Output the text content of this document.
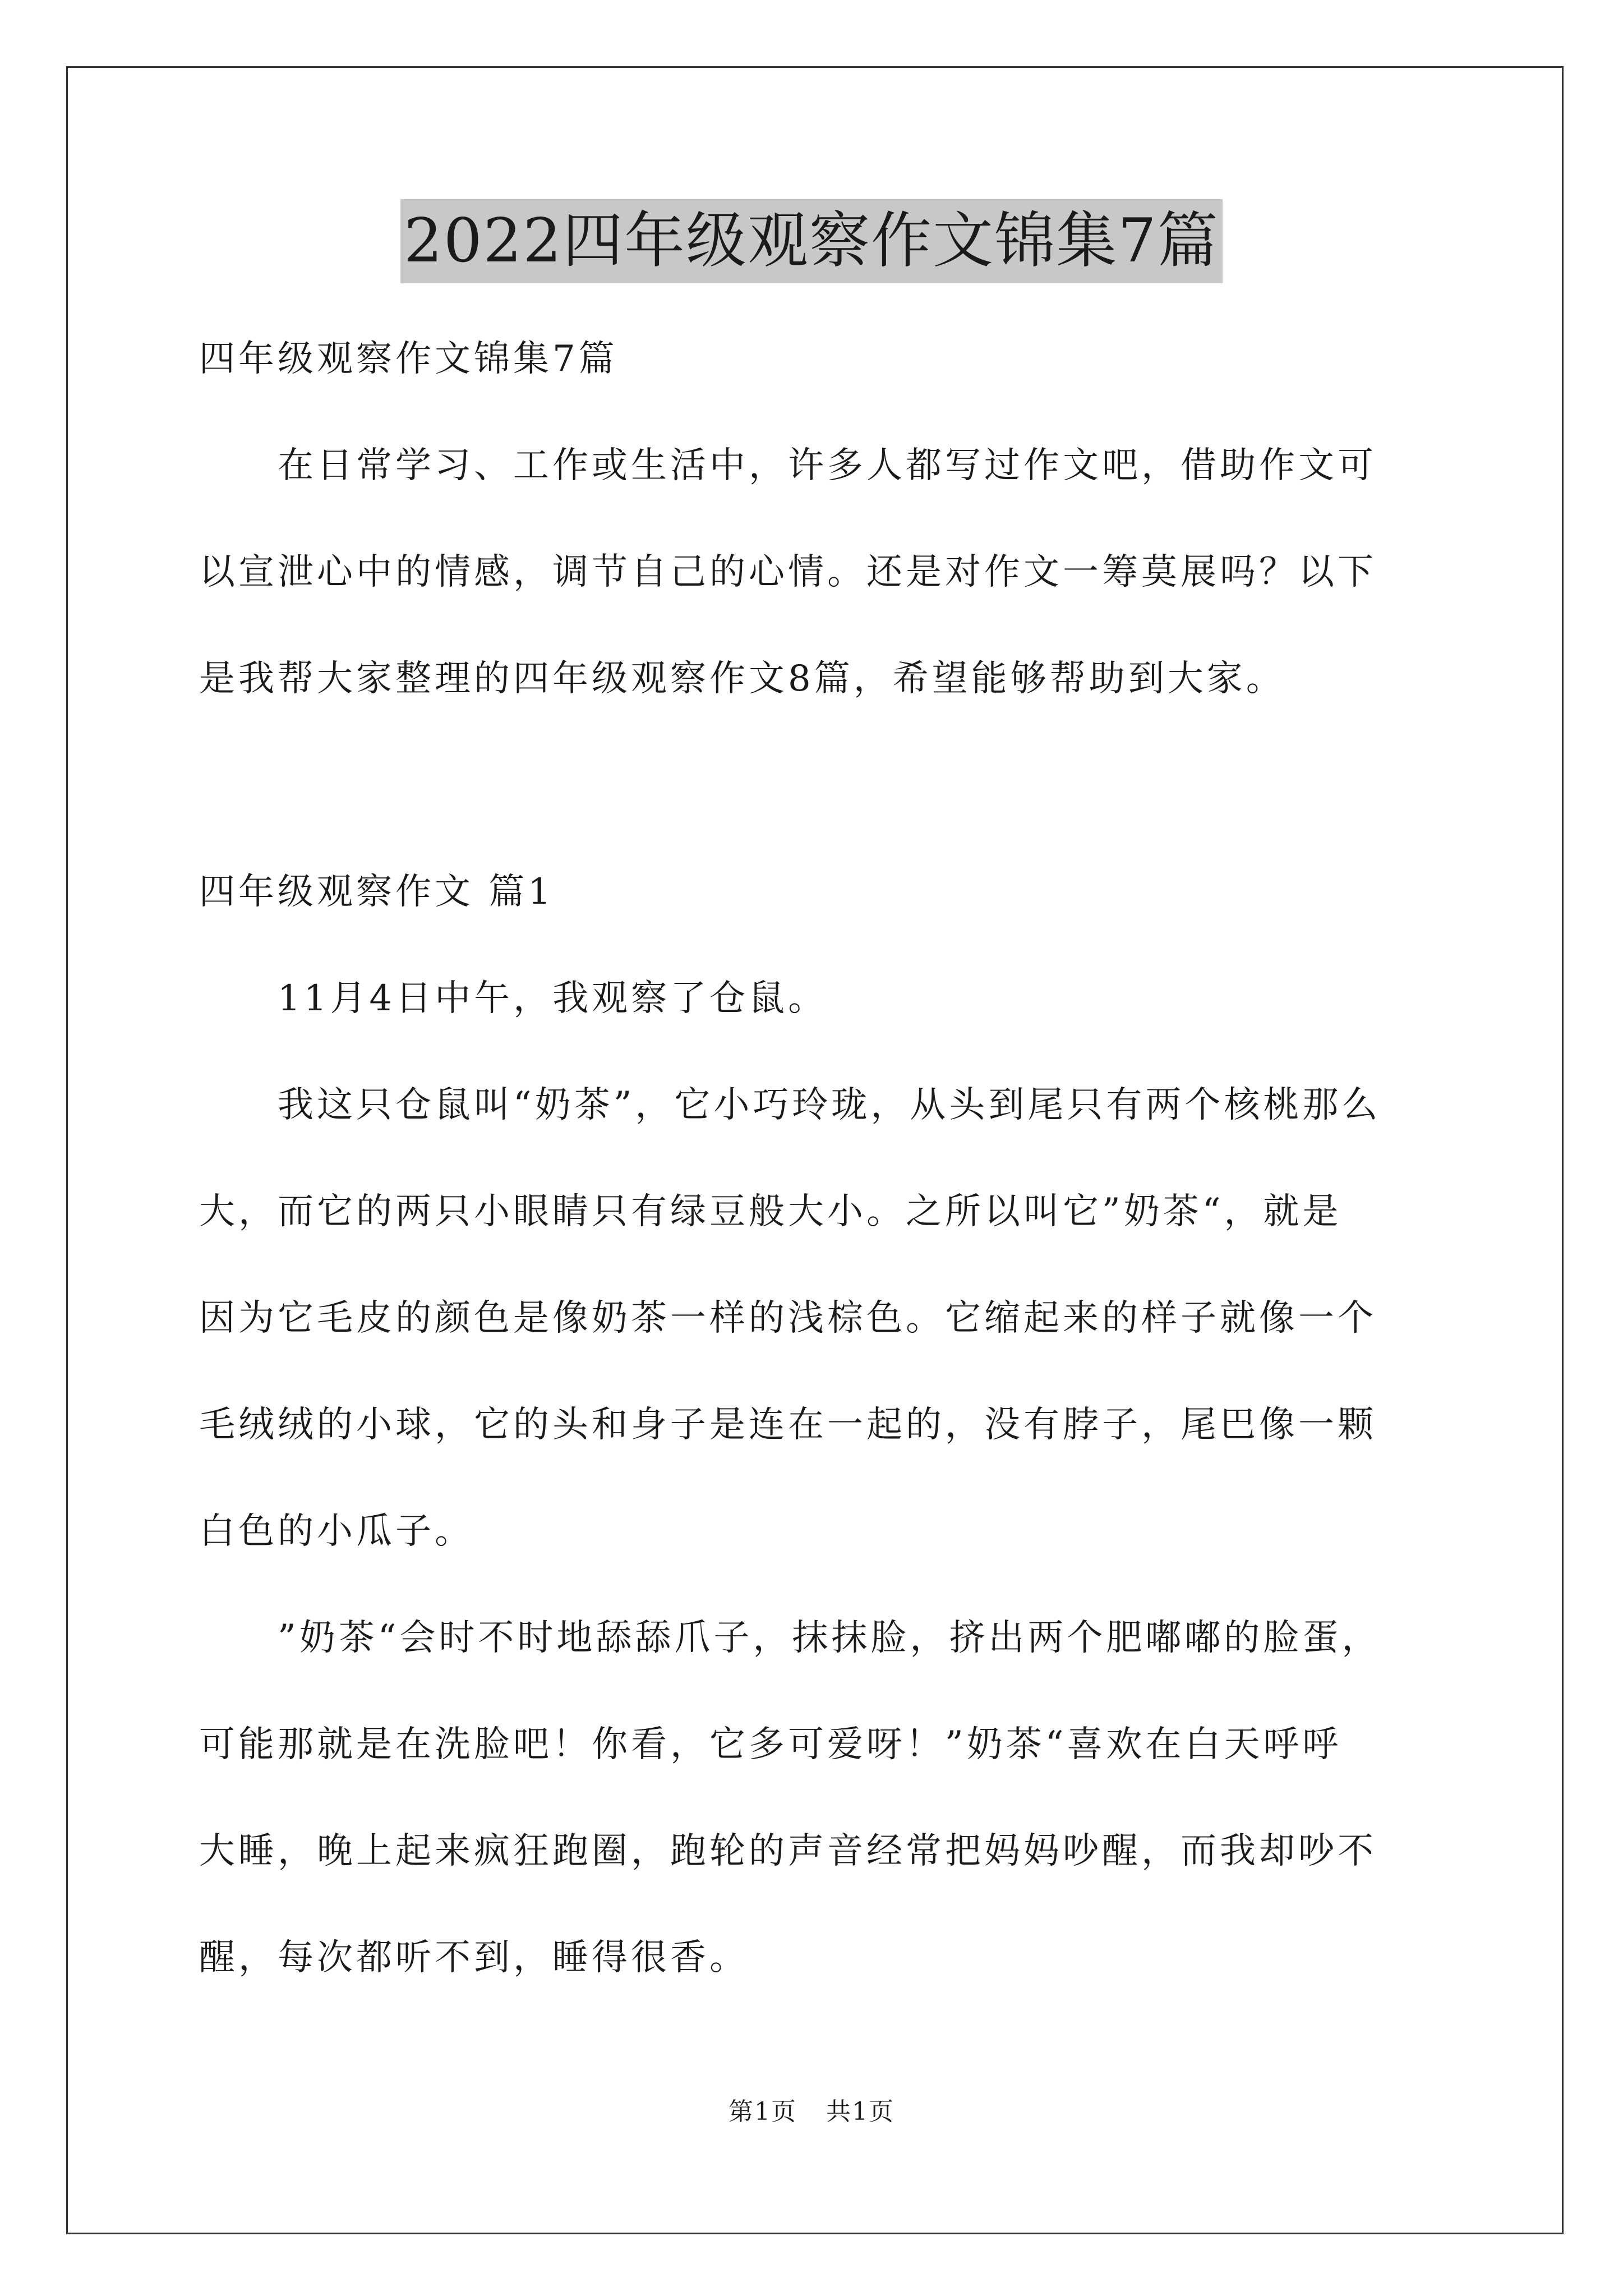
2022四年级观察作文锦集7篇
四年级观察作文锦集7篇
在日常学习、工作或生活中，许多人都写过作文吧，借助作文可
以宣泄心中的情感，调节自己的心情。还是对作文一筹莫展吗？以下
是我帮大家整理的四年级观察作文8篇，希望能够帮助到大家。
四年级观察作文 篇1
11月4日中午，我观察了仓鼠。
我这只仓鼠叫“奶茶”，它小巧玲珑，从头到尾只有两个核桃那么
大，而它的两只小眼睛只有绿豆般大小。之所以叫它”奶茶“，就是
因为它毛皮的颜色是像奶茶一样的浅棕色。它缩起来的样子就像一个
毛绒绒的小球，它的头和身子是连在一起的，没有脖子，尾巴像一颗
白色的小瓜子。
”奶茶“会时不时地舔舔爪子，抹抹脸，挤出两个肥嘟嘟的脸蛋，
可能那就是在洗脸吧！你看，它多可爱呀！”奶茶“喜欢在白天呼呼
大睡，晚上起来疯狂跑圈，跑轮的声音经常把妈妈吵醒，而我却吵不
醒，每次都听不到，睡得很香。
第1页 共1页
